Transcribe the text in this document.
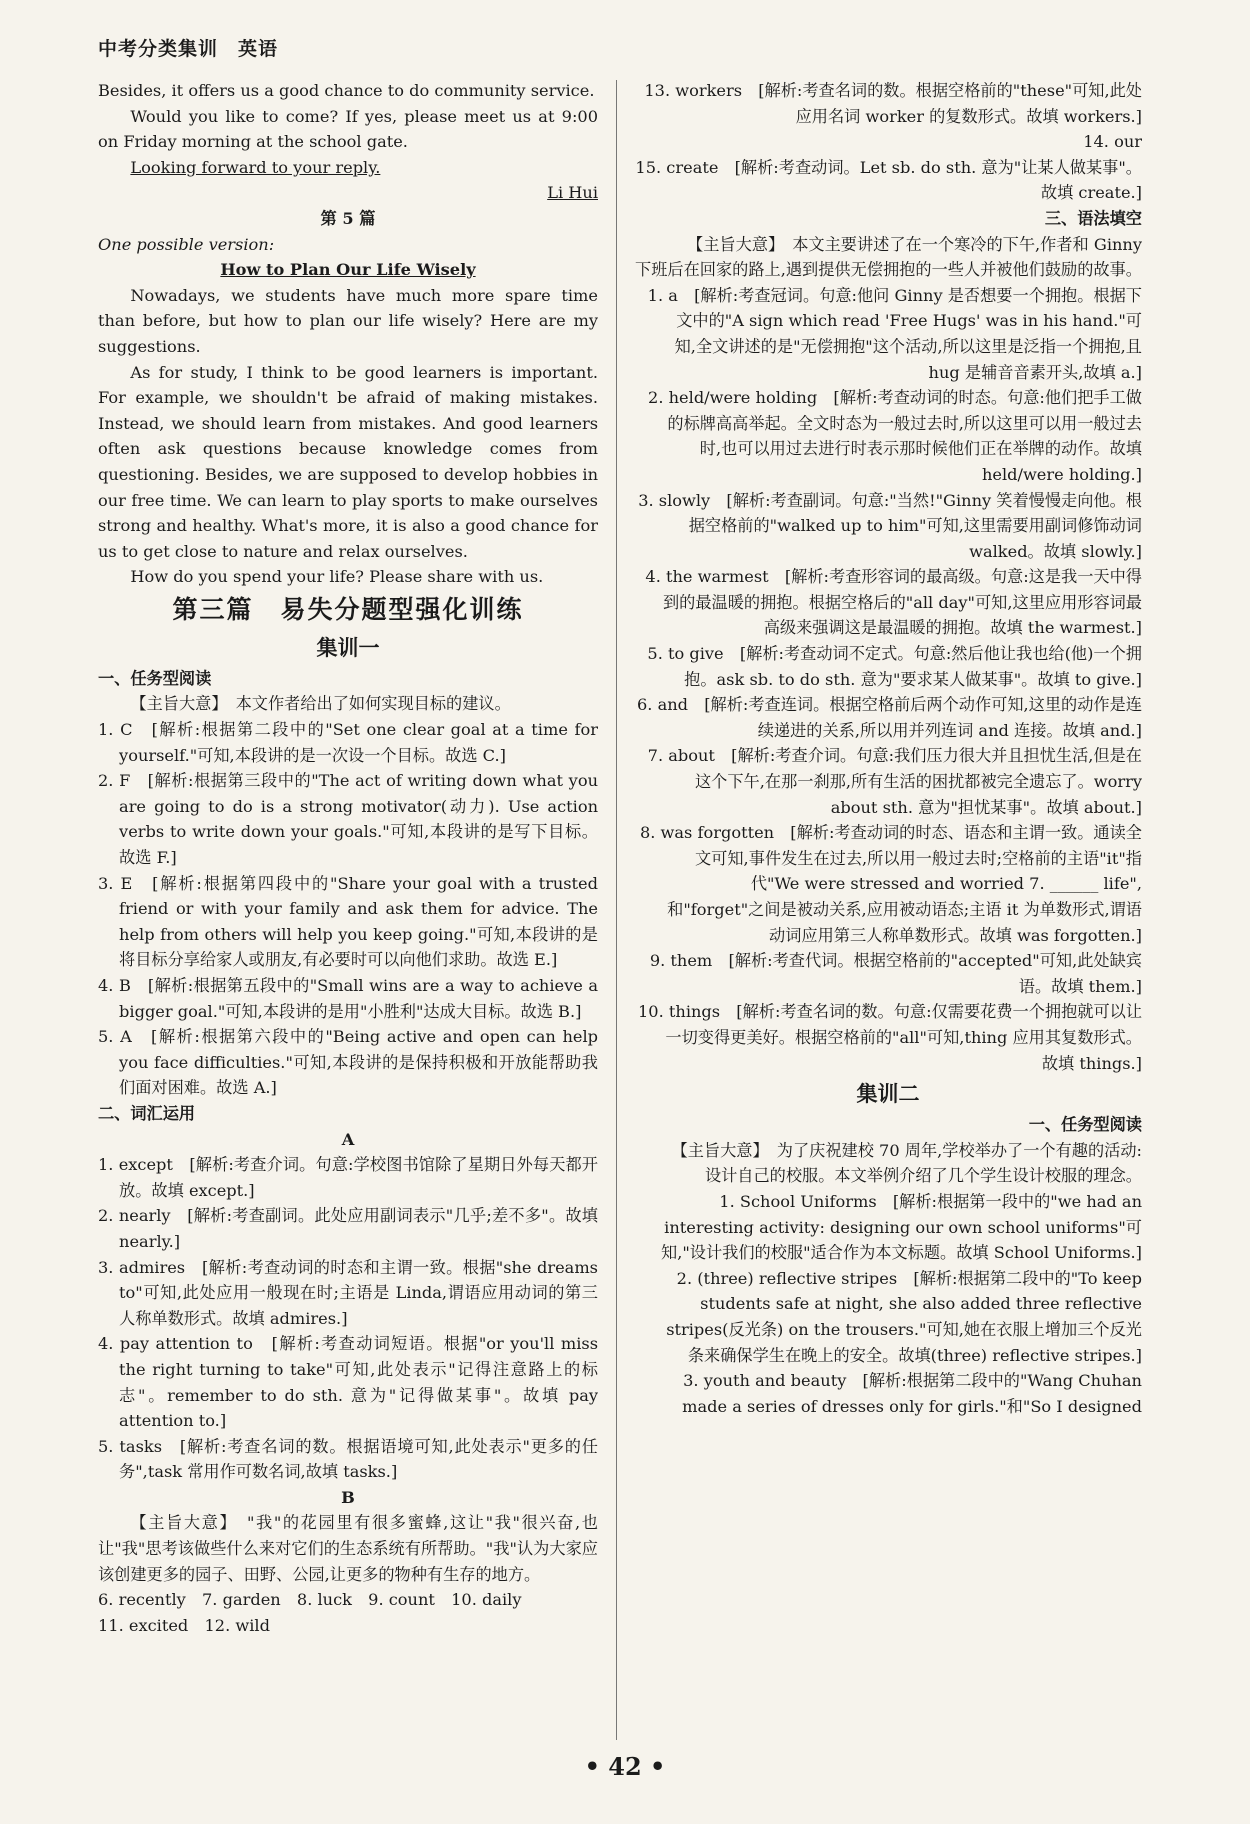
中考分类集训　英语

Besides, it offers us a good chance to do community service.

Would you like to come? If yes, please meet us at 9:00 on Friday morning at the school gate.

Looking forward to your reply.

Li Hui

第 5 篇

One possible version:

How to Plan Our Life Wisely

Nowadays, we students have much more spare time than before, but how to plan our life wisely? Here are my suggestions.

As for study, I think to be good learners is important. For example, we shouldn't be afraid of making mistakes. Instead, we should learn from mistakes. And good learners often ask questions because knowledge comes from questioning. Besides, we are supposed to develop hobbies in our free time. We can learn to play sports to make ourselves strong and healthy. What's more, it is also a good chance for us to get close to nature and relax ourselves.

How do you spend your life? Please share with us.

第三篇　易失分题型强化训练

集训一

一、任务型阅读

【主旨大意】　本文作者给出了如何实现目标的建议。

1. C　[解析:根据第二段中的"Set one clear goal at a time for yourself."可知,本段讲的是一次设一个目标。故选 C.]

2. F　[解析:根据第三段中的"The act of writing down what you are going to do is a strong motivator(动力). Use action verbs to write down your goals."可知,本段讲的是写下目标。故选 F.]

3. E　[解析:根据第四段中的"Share your goal with a trusted friend or with your family and ask them for advice. The help from others will help you keep going."可知,本段讲的是将目标分享给家人或朋友,有必要时可以向他们求助。故选 E.]

4. B　[解析:根据第五段中的"Small wins are a way to achieve a bigger goal."可知,本段讲的是用"小胜利"达成大目标。故选 B.]

5. A　[解析:根据第六段中的"Being active and open can help you face difficulties."可知,本段讲的是保持积极和开放能帮助我们面对困难。故选 A.]

二、词汇运用

A

1. except　[解析:考查介词。句意:学校图书馆除了星期日外每天都开放。故填 except.]

2. nearly　[解析:考查副词。此处应用副词表示"几乎;差不多"。故填 nearly.]

3. admires　[解析:考查动词的时态和主谓一致。根据"she dreams to"可知,此处应用一般现在时;主语是 Linda,谓语应用动词的第三人称单数形式。故填 admires.]

4. pay attention to　[解析:考查动词短语。根据"or you'll miss the right turning to take"可知,此处表示"记得注意路上的标志"。remember to do sth. 意为"记得做某事"。故填 pay attention to.]

5. tasks　[解析:考查名词的数。根据语境可知,此处表示"更多的任务",task 常用作可数名词,故填 tasks.]

B

【主旨大意】　"我"的花园里有很多蜜蜂,这让"我"很兴奋,也让"我"思考该做些什么来对它们的生态系统有所帮助。"我"认为大家应该创建更多的园子、田野、公园,让更多的物种有生存的地方。

6. recently　7. garden　8. luck　9. count　10. daily

11. excited　12. wild

13. workers　[解析:考查名词的数。根据空格前的"these"可知,此处应用名词 worker 的复数形式。故填 workers.]

14. our

15. create　[解析:考查动词。Let sb. do sth. 意为"让某人做某事"。故填 create.]

三、语法填空

【主旨大意】　本文主要讲述了在一个寒冷的下午,作者和 Ginny 下班后在回家的路上,遇到提供无偿拥抱的一些人并被他们鼓励的故事。

1. a　[解析:考查冠词。句意:他问 Ginny 是否想要一个拥抱。根据下文中的"A sign which read 'Free Hugs' was in his hand."可知,全文讲述的是"无偿拥抱"这个活动,所以这里是泛指一个拥抱,且 hug 是辅音音素开头,故填 a.]

2. held/were holding　[解析:考查动词的时态。句意:他们把手工做的标牌高高举起。全文时态为一般过去时,所以这里可以用一般过去时,也可以用过去进行时表示那时候他们正在举牌的动作。故填 held/were holding.]

3. slowly　[解析:考查副词。句意:"当然!"Ginny 笑着慢慢走向他。根据空格前的"walked up to him"可知,这里需要用副词修饰动词 walked。故填 slowly.]

4. the warmest　[解析:考查形容词的最高级。句意:这是我一天中得到的最温暖的拥抱。根据空格后的"all day"可知,这里应用形容词最高级来强调这是最温暖的拥抱。故填 the warmest.]

5. to give　[解析:考查动词不定式。句意:然后他让我也给(他)一个拥抱。ask sb. to do sth. 意为"要求某人做某事"。故填 to give.]

6. and　[解析:考查连词。根据空格前后两个动作可知,这里的动作是连续递进的关系,所以用并列连词 and 连接。故填 and.]

7. about　[解析:考查介词。句意:我们压力很大并且担忧生活,但是在这个下午,在那一刹那,所有生活的困扰都被完全遗忘了。worry about sth. 意为"担忧某事"。故填 about.]

8. was forgotten　[解析:考查动词的时态、语态和主谓一致。通读全文可知,事件发生在过去,所以用一般过去时;空格前的主语"it"指代"We were stressed and worried 7. ______ life",和"forget"之间是被动关系,应用被动语态;主语 it 为单数形式,谓语动词应用第三人称单数形式。故填 was forgotten.]

9. them　[解析:考查代词。根据空格前的"accepted"可知,此处缺宾语。故填 them.]

10. things　[解析:考查名词的数。句意:仅需要花费一个拥抱就可以让一切变得更美好。根据空格前的"all"可知,thing 应用其复数形式。故填 things.]

集训二

一、任务型阅读

【主旨大意】　为了庆祝建校 70 周年,学校举办了一个有趣的活动:设计自己的校服。本文举例介绍了几个学生设计校服的理念。

1. School Uniforms　[解析:根据第一段中的"we had an interesting activity: designing our own school uniforms"可知,"设计我们的校服"适合作为本文标题。故填 School Uniforms.]

2. (three) reflective stripes　[解析:根据第二段中的"To keep students safe at night, she also added three reflective stripes(反光条) on the trousers."可知,她在衣服上增加三个反光条来确保学生在晚上的安全。故填(three) reflective stripes.]

3. youth and beauty　[解析:根据第二段中的"Wang Chuhan made a series of dresses only for girls."和"So I designed

• 42 •
